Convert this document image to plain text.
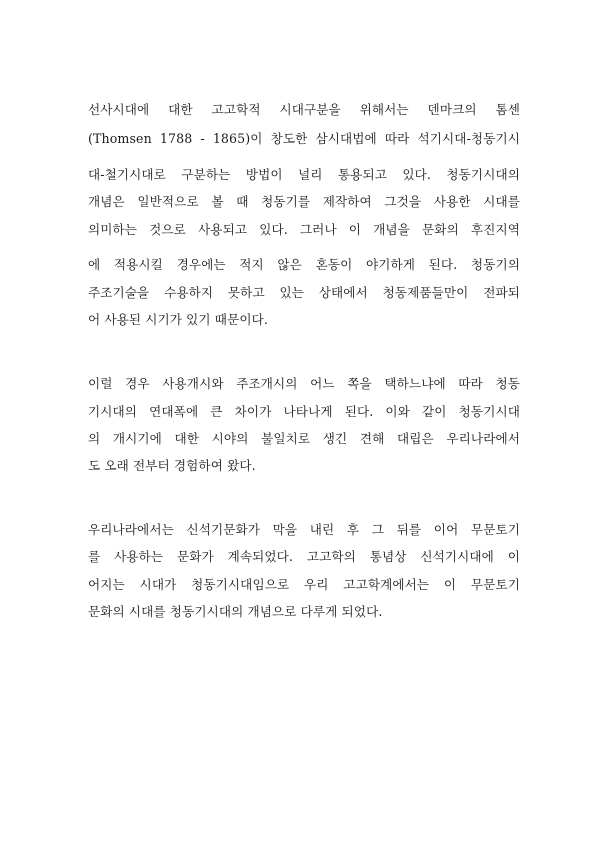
선사시대에 대한 고고학적 시대구분을 위해서는 덴마크의 톰센
(Thomsen 1788 - 1865)이 창도한 삼시대법에 따라 석기시대-청동기시
대-철기시대로 구분하는 방법이 널리 통용되고 있다. 청동기시대의
개념은 일반적으로 볼 때 청동기를 제작하여 그것을 사용한 시대를
의미하는 것으로 사용되고 있다. 그러나 이 개념을 문화의 후진지역
에 적용시킬 경우에는 적지 않은 혼동이 야기하게 된다. 청동기의
주조기술을 수용하지 못하고 있는 상태에서 청동제품들만이 전파되
어 사용된 시기가 있기 때문이다.
이럴 경우 사용개시와 주조개시의 어느 쪽을 택하느냐에 따라 청동
기시대의 연대폭에 큰 차이가 나타나게 된다. 이와 같이 청동기시대
의 개시기에 대한 시야의 불일치로 생긴 견해 대립은 우리나라에서
도 오래 전부터 경험하여 왔다.
우리나라에서는 신석기문화가 막을 내린 후 그 뒤를 이어 무문토기
를 사용하는 문화가 계속되었다. 고고학의 통념상 신석기시대에 이
어지는 시대가 청동기시대임으로 우리 고고학계에서는 이 무문토기
문화의 시대를 청동기시대의 개념으로 다루게 되었다.
